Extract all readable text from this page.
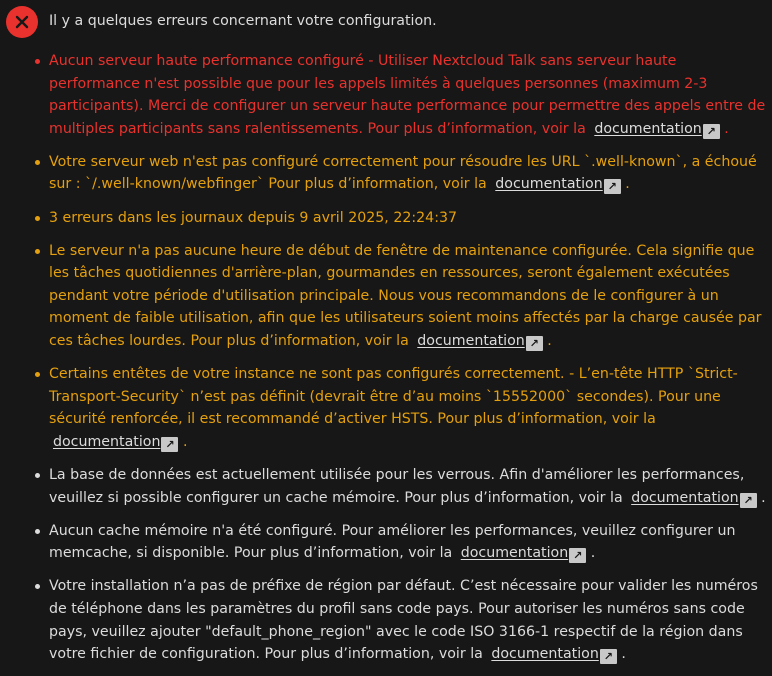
Il y a quelques erreurs concernant votre configuration.
Aucun serveur haute performance configuré - Utiliser Nextcloud Talk sans serveur haute performance n'est possible que pour les appels limités à quelques personnes (maximum 2-3 participants). Merci de configurer un serveur haute performance pour permettre des appels entre de multiples participants sans ralentissements. Pour plus d’information, voir la documentation ↗ .
Votre serveur web n'est pas configuré correctement pour résoudre les URL `.well-known`, a échoué sur : `/.well-known/webfinger` Pour plus d’information, voir la documentation ↗ .
3 erreurs dans les journaux depuis 9 avril 2025, 22:24:37
Le serveur n'a pas aucune heure de début de fenêtre de maintenance configurée. Cela signifie que les tâches quotidiennes d'arrière-plan, gourmandes en ressources, seront également exécutées pendant votre période d'utilisation principale. Nous vous recommandons de le configurer à un moment de faible utilisation, afin que les utilisateurs soient moins affectés par la charge causée par ces tâches lourdes. Pour plus d’information, voir la documentation ↗ .
Certains entêtes de votre instance ne sont pas configurés correctement. - L’en-tête HTTP `Strict-Transport-Security` n’est pas définit (devrait être d’au moins `15552000` secondes). Pour une sécurité renforcée, il est recommandé d’activer HSTS. Pour plus d’information, voir la documentation ↗ .
La base de données est actuellement utilisée pour les verrous. Afin d'améliorer les performances, veuillez si possible configurer un cache mémoire. Pour plus d’information, voir la documentation ↗ .
Aucun cache mémoire n'a été configuré. Pour améliorer les performances, veuillez configurer un memcache, si disponible. Pour plus d’information, voir la documentation ↗ .
Votre installation n’a pas de préfixe de région par défaut. C’est nécessaire pour valider les numéros de téléphone dans les paramètres du profil sans code pays. Pour autoriser les numéros sans code pays, veuillez ajouter "default_phone_region" avec le code ISO 3166-1 respectif de la région dans votre fichier de configuration. Pour plus d’information, voir la documentation ↗ .
